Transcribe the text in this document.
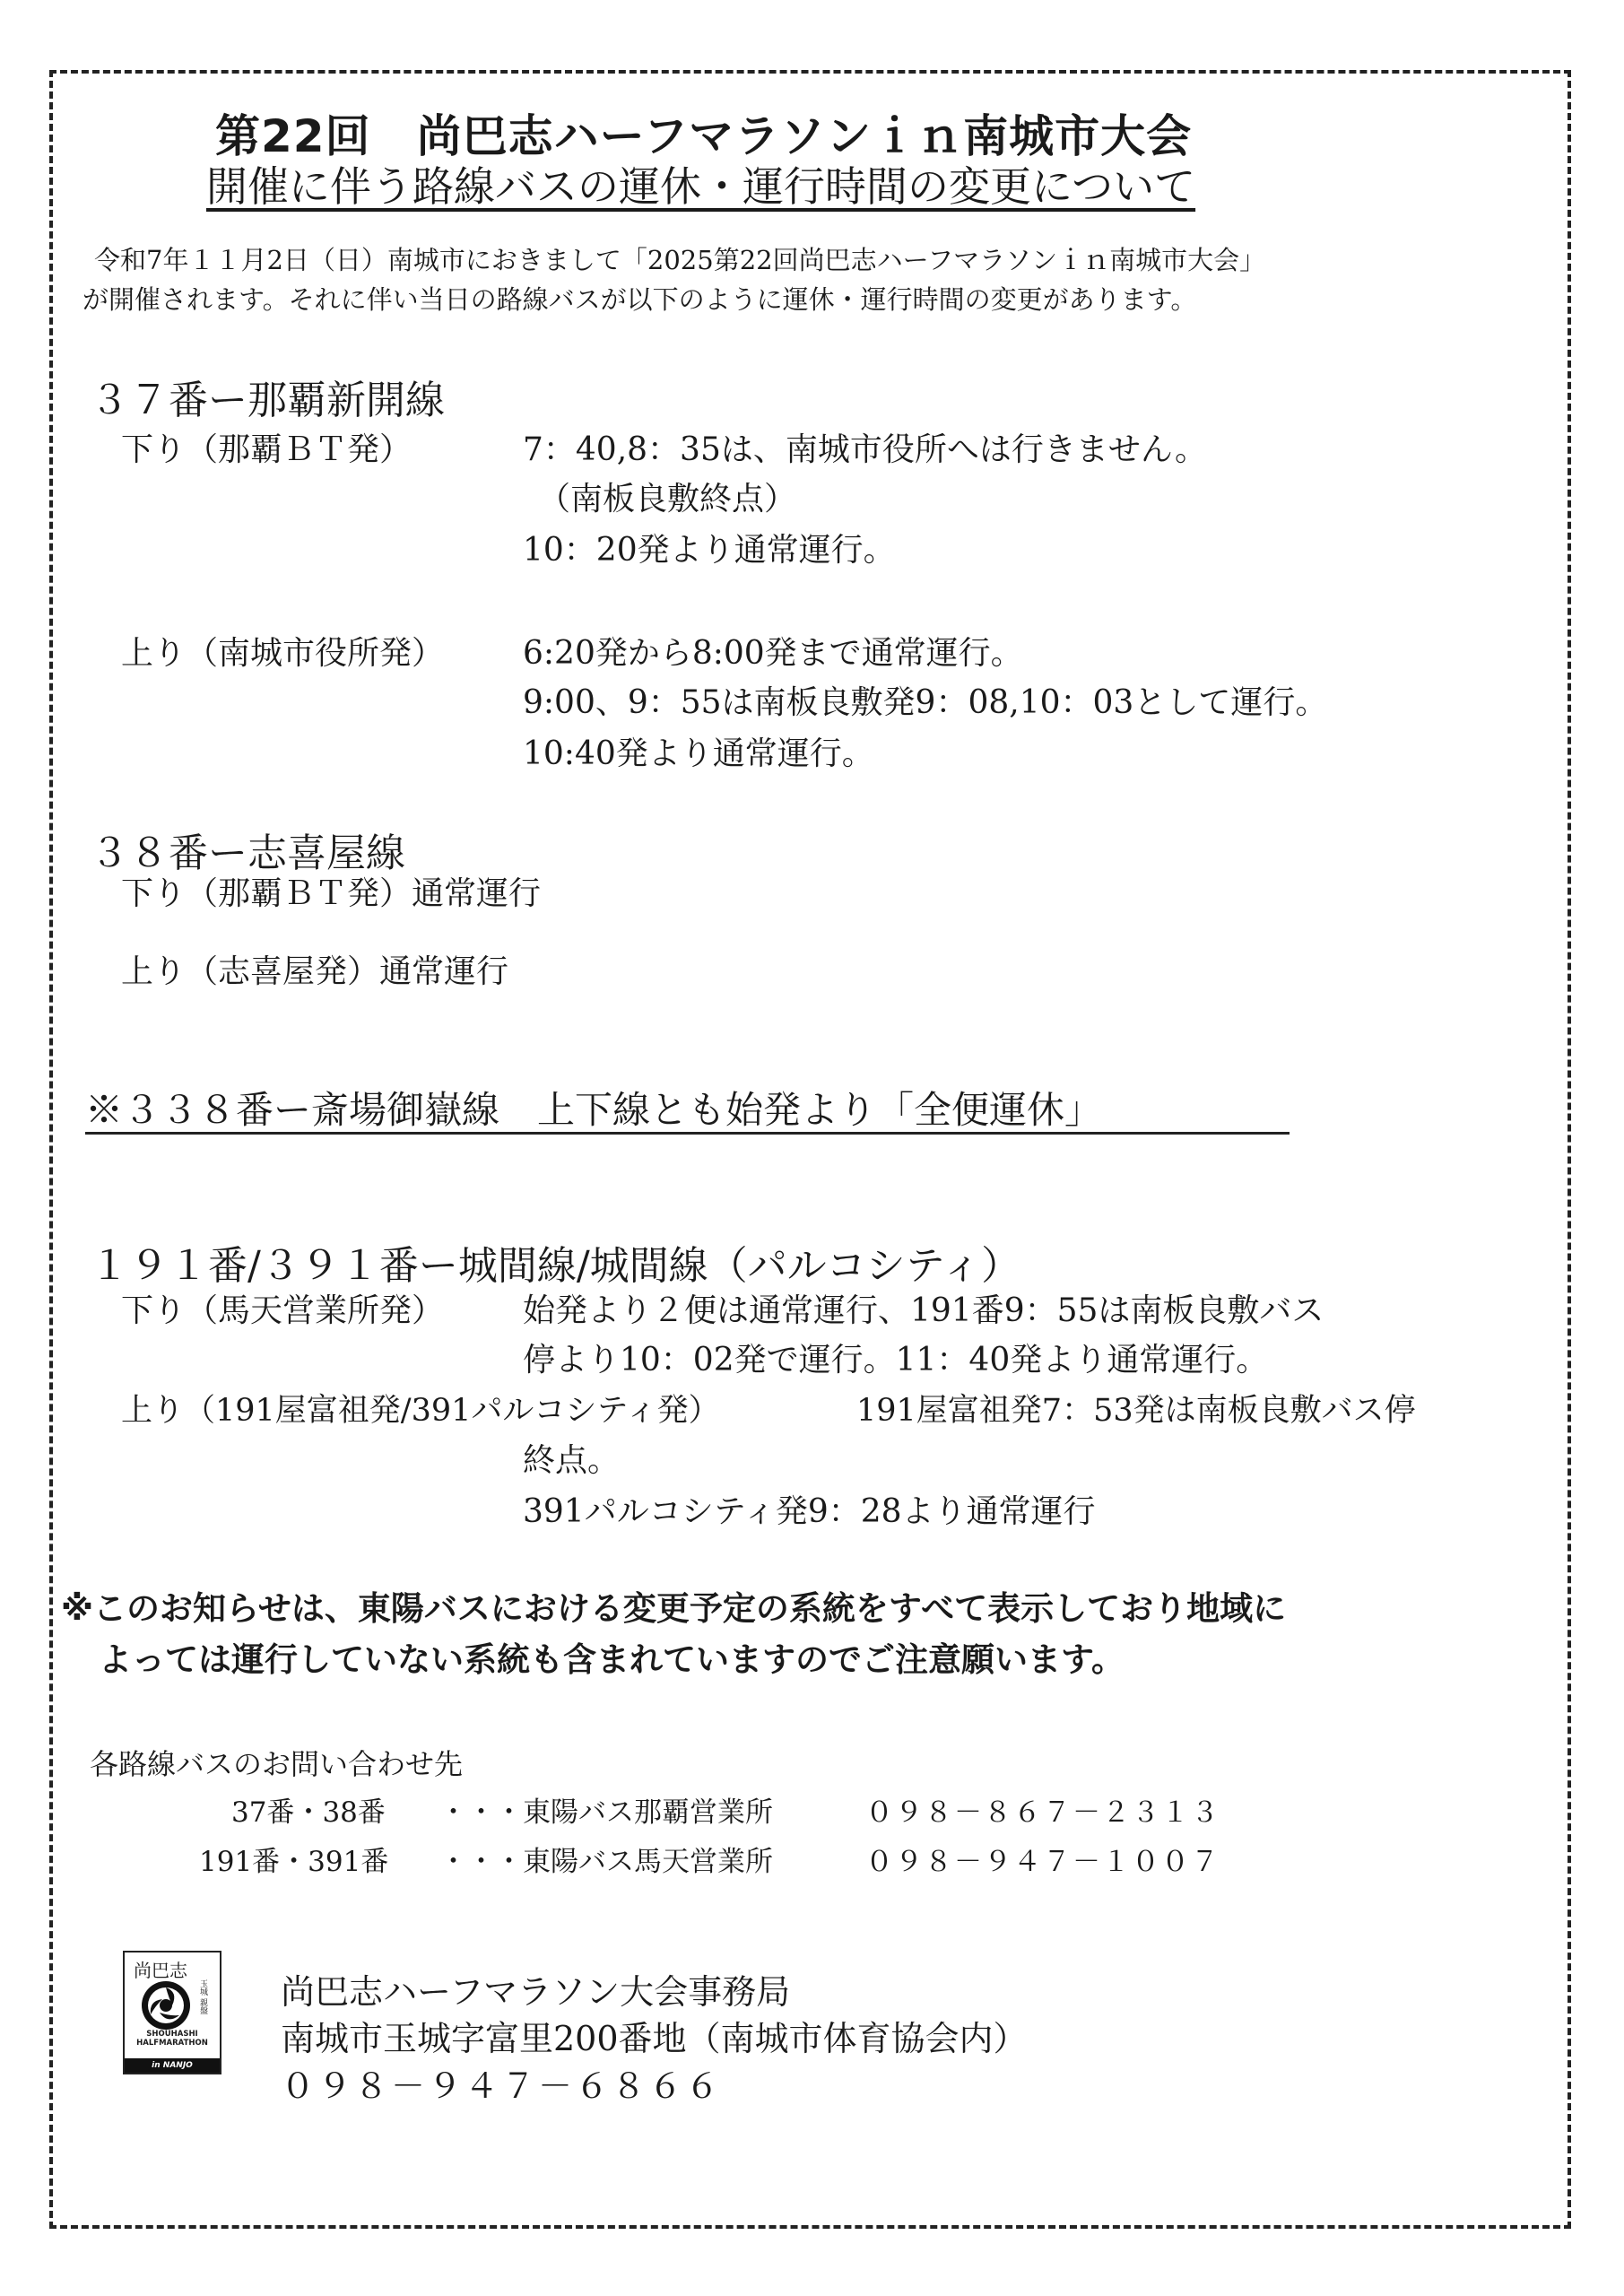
第22回　尚巴志ハーフマラソンｉｎ南城市大会
開催に伴う路線バスの運休・運行時間の変更について
令和7年１１月2日（日）南城市におきまして「2025第22回尚巴志ハーフマラソンｉｎ南城市大会」
が開催されます。それに伴い当日の路線バスが以下のように運休・運行時間の変更があります。
３７番ー那覇新開線
下り（那覇ＢＴ発）	7：40,8：35は、南城市役所へは行きません。
（南板良敷終点）
10：20発より通常運行。
上り（南城市役所発） 6:20発から8:00発まで通常運行。
9:00、9：55は南板良敷発9：08,10：03として運行。
10:40発より通常運行。
３８番ー志喜屋線
下り（那覇ＢＴ発）通常運行
上り（志喜屋発）通常運行
※３３８番ー斎場御嶽線　上下線とも始発より「全便運休」
１９１番/３９１番ー城間線/城間線（パルコシティ）
下り（馬天営業所発） 始発より２便は通常運行、191番9：55は南板良敷バス
停より10：02発で運行。11：40発より通常運行。
上り（191屋富祖発/391パルコシティ発）	191屋富祖発7：53発は南板良敷バス停
終点。
391パルコシティ発9：28より通常運行
※このお知らせは、東陽バスにおける変更予定の系統をすべて表示しており地域に
よっては運行していない系統も含まれていますのでご注意願います。
各路線バスのお問い合わせ先
37番・38番 ・・・東陽バス那覇営業所	０９８－８６７－２３１３
191番・391番 ・・・東陽バス馬天営業所	０９８－９４７－１００７
尚巴志
玉城 親盤
SHOUHASHI
HALFMARATHON
in NANJO
尚巴志ハーフマラソン大会事務局
南城市玉城字富里200番地（南城市体育協会内）
０９８－９４７－６８６６
